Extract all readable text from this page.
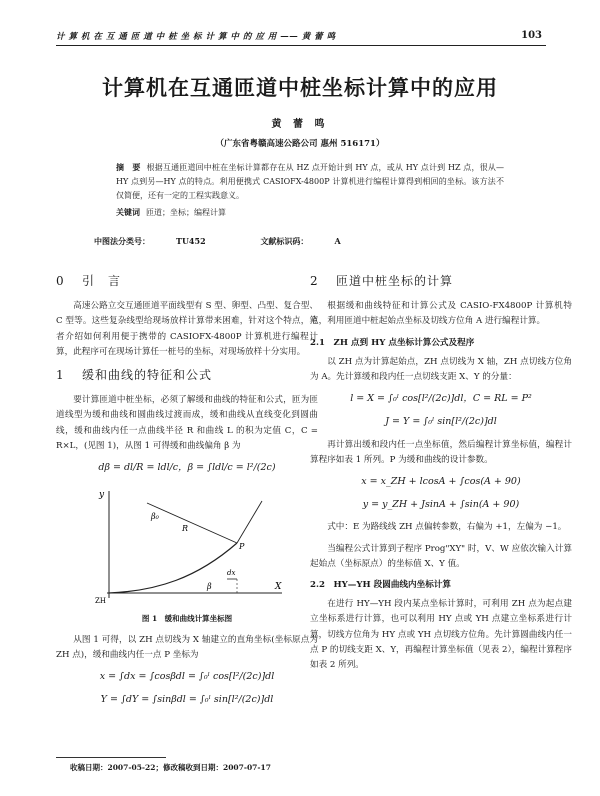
计 算 机 在 互 通 匝 道 中 桩 坐 标 计 算 中 的 应 用 —— 黄 蕾 鸣	103
计算机在互通匝道中桩坐标计算中的应用
黄 蕾 鸣
（广东省粤赣高速公路公司 惠州 516171）
摘　要 根据互通匝道回中桩在坐标计算都存在从 HZ 点开始计到 HY 点，或从 HY 点计到 HZ 点，很从—HY 点到另—HY 点的特点。利用便携式 CASIOFX-4800P 计算机进行编程计算得到相回的坐标。该方法不仅简便，还有一定的工程实践意义。
关键词 匝道；坐标；编程计算
中图法分类号：	TU452	文献标识码：	A
0 引　言

高速公路立交互通匝道平面线型有 S 型、卵型、凸型、复合型、C 型等。这些复杂线型给现场放样计算带来困难，针对这个特点，笔者介绍如何利用便于携带的 CASIOFX-4800P 计算机进行编程计算，此程序可在现场计算任一桩号的坐标，对现场放样十分实用。

1 缓和曲线的特征和公式

要计算匝道中桩坐标，必须了解缓和曲线的特征和公式，匝为匝道线型为缓和曲线和圆曲线过渡而成，缓和曲线从直线变化到圆曲线，缓和曲线内任一点曲线半径 R 和曲线 L 的积为定值 C，C = R×L，(见图 1)，从图 1 可得缓和曲线偏角 β 为

dβ = dl/R = ldl/c，β = ∫ldl/c = l²/(2c)
y
X
β₀
R
P
dx
β
ZH
图 1　缓和曲线计算坐标图

从图 1 可得，以 ZH 点切线为 X 轴建立的直角坐标(坐标原点为 ZH 点)，缓和曲线内任一点 P 坐标为

x = ∫dx = ∫cosβdl = ∫₀ˡ cos[l²/(2c)]dl
Y = ∫dY = ∫sinβdl = ∫₀ˡ sin[l²/(2c)]dl
2 匝道中桩坐标的计算

根据缓和曲线特征和计算公式及 CASIO-FX4800P 计算机特点，利用匝道中桩起始点坐标及切线方位角 A 进行编程计算。

2.1　ZH 点到 HY 点坐标计算公式及程序

以 ZH 点为计算起始点，ZH 点切线为 X 轴，ZH 点切线方位角为 A。先计算缓和段内任一点切线支距 X、Y 的分量：

l = X = ∫₀ˡ cos[l²/(2c)]dl，C = RL = P²
J = Y = ∫₀ˡ sin[l²/(2c)]dl

再计算出缓和段内任一点坐标值，然后编程计算坐标值，编程计算程序如表 1 所列。P 为缓和曲线的设计参数。

x = x_ZH + lcosA + ∫cos(A + 90)
y = y_ZH + JsinA + ∫sin(A + 90)

式中：E 为路线线 ZH 点偏转参数，右偏为 +1，左偏为 −1。

当编程公式计算到子程序 Prog"XY" 时，V、W 应依次输入计算起始点（坐标原点）的坐标值 X、Y 值。

2.2　HY—YH 段圆曲线内坐标计算

在进行 HY—YH 段内某点坐标计算时，可利用 ZH 点为起点建立坐标系进行计算，也可以利用 HY 点或 YH 点建立坐标系进行计算，切线方位角为 HY 点或 YH 点切线方位角。先计算圆曲线内任一点 P 的切线支距 X、Y，再编程计算坐标值（见表 2），编程计算程序如表 2 所列。

收稿日期：2007-05-22；修改稿收到日期：2007-07-17
